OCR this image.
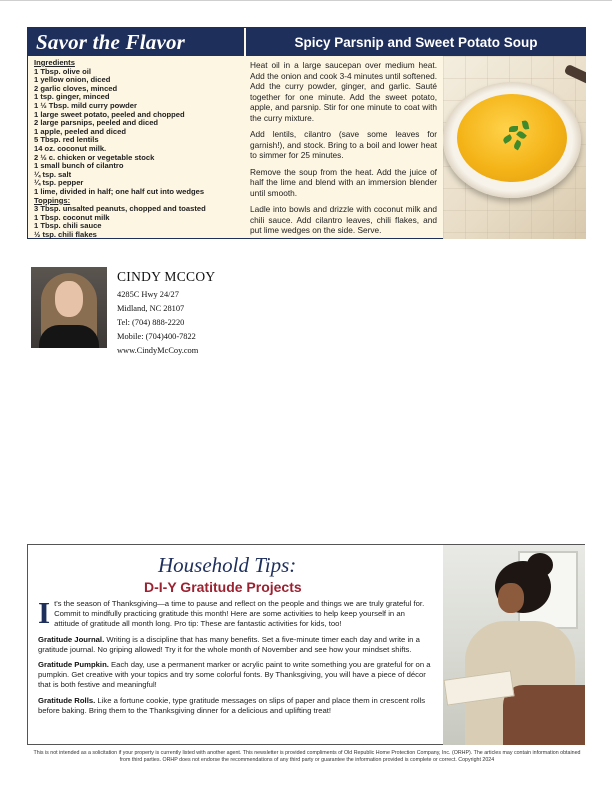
Savor the Flavor	Spicy Parsnip and Sweet Potato Soup
Ingredients
1 Tbsp. olive oil
1 yellow onion, diced
2 garlic cloves, minced
1 tsp. ginger, minced
1 ½ Tbsp. mild curry powder
1 large sweet potato, peeled and chopped
2 large parsnips, peeled and diced
1 apple, peeled and diced
5 Tbsp. red lentils
14 oz. coconut milk.
2 ½ c. chicken or vegetable stock
1 small bunch of cilantro
¼ tsp. salt
¼ tsp. pepper
1 lime, divided in half; one half cut into wedges
Toppings:
3 Tbsp. unsalted peanuts, chopped and toasted
1 Tbsp. coconut milk
1 Tbsp. chili sauce
½ tsp. chili flakes

Heat oil in a large saucepan over medium heat. Add the onion and cook 3-4 minutes until softened. Add the curry powder, ginger, and garlic. Sauté together for one minute. Add the sweet potato, apple, and parsnip. Stir for one minute to coat with the curry mixture.

Add lentils, cilantro (save some leaves for garnish!), and stock. Bring to a boil and lower heat to simmer for 25 minutes.

Remove the soup from the heat. Add the juice of half the lime and blend with an immersion blender until smooth.

Ladle into bowls and drizzle with coconut milk and chili sauce. Add cilantro leaves, chili flakes, and put lime wedges on the side. Serve.

CINDY MCCOY
4285C Hwy 24/27
Midland, NC 28107
Tel: (704) 888-2220
Mobile: (704)400-7822
www.CindyMcCoy.com
Household Tips:
D-I-Y Gratitude Projects

It's the season of Thanksgiving—a time to pause and reflect on the people and things we are truly grateful for. Commit to mindfully practicing gratitude this month! Here are some activities to help keep yourself in an attitude of gratitude all month long. Pro tip: These are fantastic activities for kids, too!

Gratitude Journal. Writing is a discipline that has many benefits. Set a five-minute timer each day and write in a gratitude journal. No griping allowed! Try it for the whole month of November and see how your mindset shifts.

Gratitude Pumpkin. Each day, use a permanent marker or acrylic paint to write something you are grateful for on a pumpkin. Get creative with your topics and try some colorful fonts. By Thanksgiving, you will have a piece of décor that is both festive and meaningful!

Gratitude Rolls. Like a fortune cookie, type gratitude messages on slips of paper and place them in crescent rolls before baking. Bring them to the Thanksgiving dinner for a delicious and uplifting treat!

This is not intended as a solicitation if your property is currently listed with another agent. This newsletter is provided compliments of Old Republic Home Protection Company, Inc. (ORHP). The articles may contain information obtained from third parties. ORHP does not endorse the recommendations of any third party or guarantee the information provided is complete or correct. Copyright 2024
